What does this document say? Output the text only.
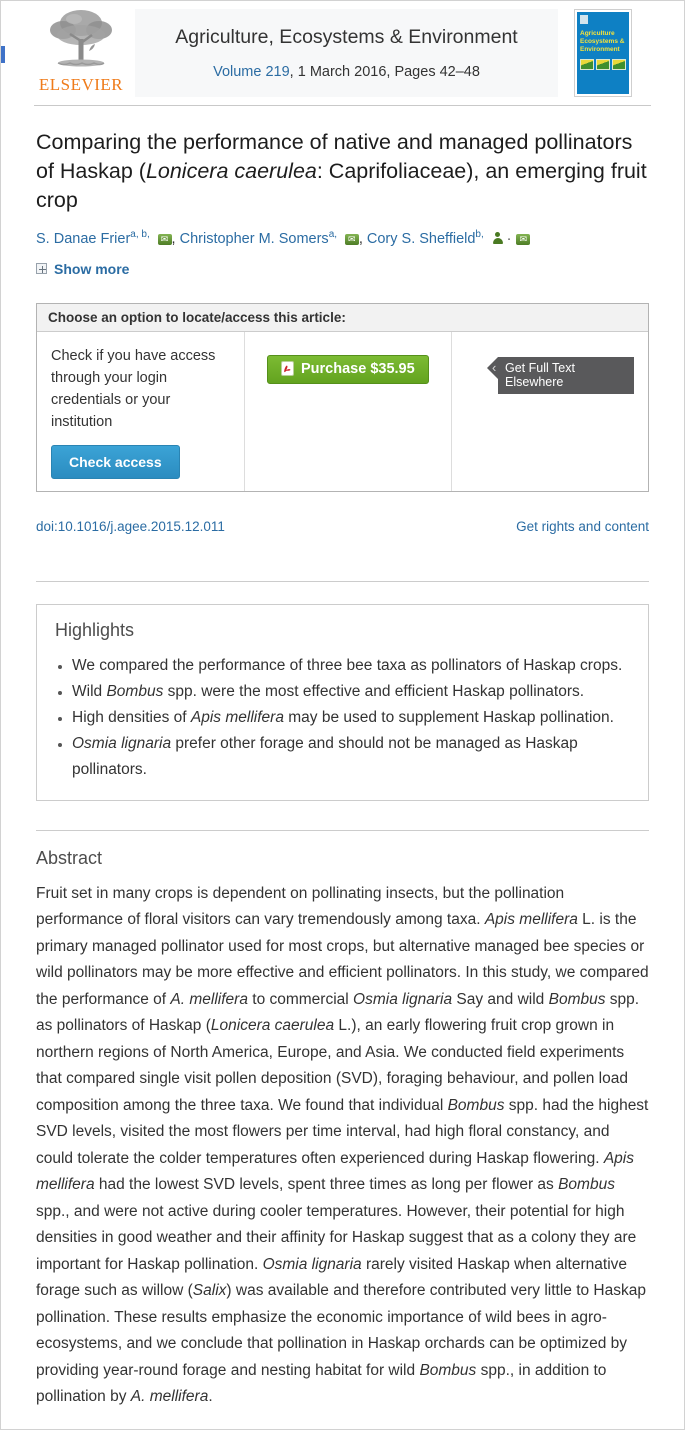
ELSEVIER
Agriculture, Ecosystems & Environment
Volume 219, 1 March 2016, Pages 42–48
Agriculture
Ecosystems &
Environment
Comparing the performance of native and managed pollinators of Haskap (Lonicera caerulea: Caprifoliaceae), an emerging fruit crop
S. Danae Frier$^{a, b,}$ ✉ , Christopher M. Somers$^{a,}$ ✉ , Cory S. Sheffield$^{b,}$  · ✉
Show more
Choose an option to locate/access this article:
Check if you have access through your login credentials or your institution
Check access
Purchase $35.95	‹ Get Full Text Elsewhere
doi:10.1016/j.agee.2015.12.011	Get rights and content
Highlights
• We compared the performance of three bee taxa as pollinators of Haskap crops.
• Wild Bombus spp. were the most effective and efficient Haskap pollinators.
• High densities of Apis mellifera may be used to supplement Haskap pollination.
• Osmia lignaria prefer other forage and should not be managed as Haskap pollinators.
Abstract

Fruit set in many crops is dependent on pollinating insects, but the pollination performance of floral visitors can vary tremendously among taxa. Apis mellifera L. is the primary managed pollinator used for most crops, but alternative managed bee species or wild pollinators may be more effective and efficient pollinators. In this study, we compared the performance of A. mellifera to commercial Osmia lignaria Say and wild Bombus spp. as pollinators of Haskap (Lonicera caerulea L.), an early flowering fruit crop grown in northern regions of North America, Europe, and Asia. We conducted field experiments that compared single visit pollen deposition (SVD), foraging behaviour, and pollen load composition among the three taxa. We found that individual Bombus spp. had the highest SVD levels, visited the most flowers per time interval, had high floral constancy, and could tolerate the colder temperatures often experienced during Haskap flowering. Apis mellifera had the lowest SVD levels, spent three times as long per flower as Bombus spp., and were not active during cooler temperatures. However, their potential for high densities in good weather and their affinity for Haskap suggest that as a colony they are important for Haskap pollination. Osmia lignaria rarely visited Haskap when alternative forage such as willow (Salix) was available and therefore contributed very little to Haskap pollination. These results emphasize the economic importance of wild bees in agro-ecosystems, and we conclude that pollination in Haskap orchards can be optimized by providing year-round forage and nesting habitat for wild Bombus spp., in addition to pollination by A. mellifera.
